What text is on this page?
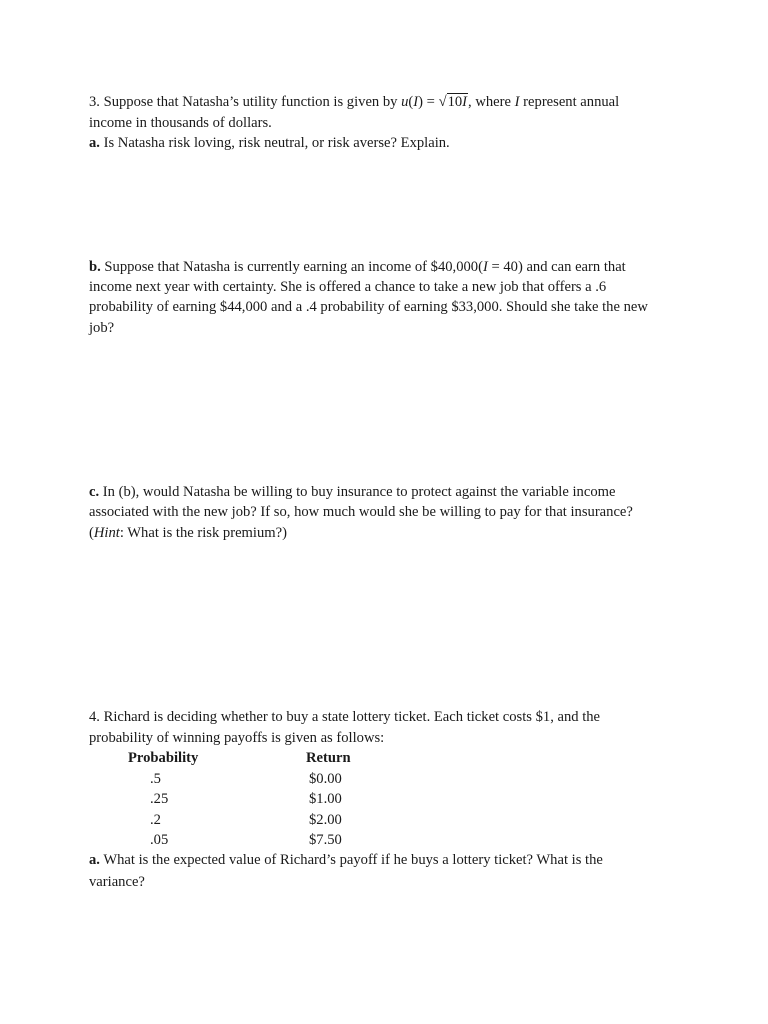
3. Suppose that Natasha’s utility function is given by u(I) = √10I, where I represent annual
income in thousands of dollars.
a. Is Natasha risk loving, risk neutral, or risk averse? Explain.
b. Suppose that Natasha is currently earning an income of $40,000(I = 40) and can earn that
income next year with certainty. She is offered a chance to take a new job that offers a .6
probability of earning $44,000 and a .4 probability of earning $33,000. Should she take the new
job?
c. In (b), would Natasha be willing to buy insurance to protect against the variable income
associated with the new job? If so, how much would she be willing to pay for that insurance?
(Hint: What is the risk premium?)
4. Richard is deciding whether to buy a state lottery ticket. Each ticket costs $1, and the
probability of winning payoffs is given as follows:
Probability	Return
.5	$0.00
.25	$1.00
.2	$2.00
.05	$7.50
a. What is the expected value of Richard’s payoff if he buys a lottery ticket? What is the
variance?
